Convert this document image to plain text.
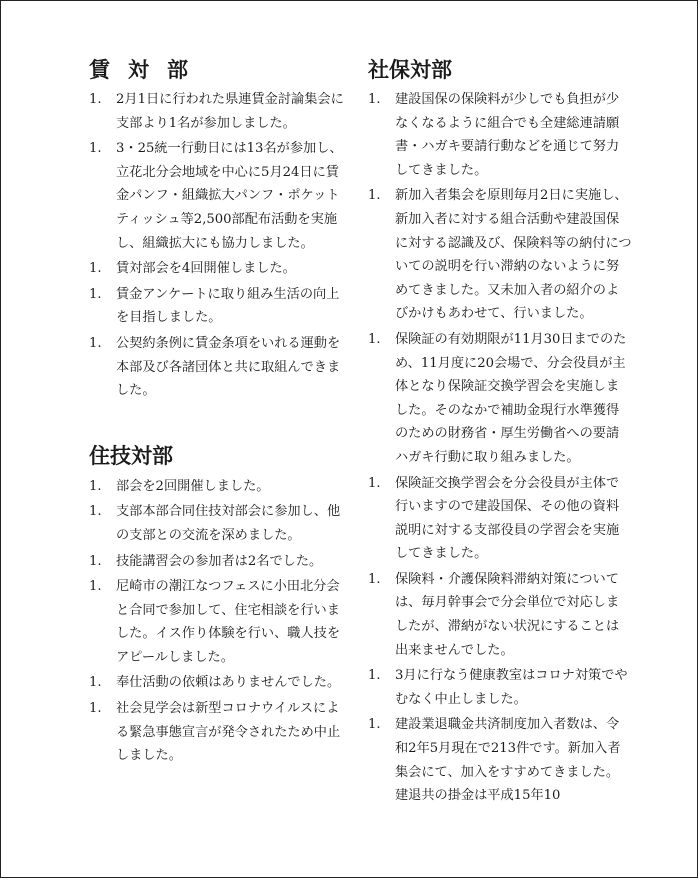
賃対部
1.	2月1日に行われた県連賃金討論集会に支部より1名が参加しました。
1.	3・25統一行動日には13名が参加し、立花北分会地域を中心に5月24日に賃金パンフ・組織拡大パンフ・ポケットティッシュ等2,500部配布活動を実施し、組織拡大にも協力しました。
1.	賃対部会を4回開催しました。
1.	賃金アンケートに取り組み生活の向上を目指しました。
1.	公契約条例に賃金条項をいれる運動を本部及び各諸団体と共に取組んできました。
住技対部
1.	部会を2回開催しました。
1.	支部本部合同住技対部会に参加し、他の支部との交流を深めました。
1.	技能講習会の参加者は2名でした。
1.	尼崎市の潮江なつフェスに小田北分会と合同で参加して、住宅相談を行いました。イス作り体験を行い、職人技をアピールしました。
1.	奉仕活動の依頼はありませんでした。
1.	社会見学会は新型コロナウイルスによる緊急事態宣言が発令されたため中止しました。
社保対部
1.	建設国保の保険料が少しでも負担が少なくなるように組合でも全建総連請願書・ハガキ要請行動などを通じて努力してきました。
1.	新加入者集会を原則毎月2日に実施し、新加入者に対する組合活動や建設国保に対する認識及び、保険料等の納付についての説明を行い滞納のないように努めてきました。又未加入者の紹介のよびかけもあわせて、行いました。
1.	保険証の有効期限が11月30日までのため、11月度に20会場で、分会役員が主体となり保険証交換学習会を実施しました。そのなかで補助金現行水準獲得のための財務省・厚生労働省への要請ハガキ行動に取り組みました。
1.	保険証交換学習会を分会役員が主体で行いますので建設国保、その他の資料説明に対する支部役員の学習会を実施してきました。
1.	保険料・介護保険料滞納対策については、毎月幹事会で分会単位で対応しましたが、滞納がない状況にすることは出来ませんでした。
1.	3月に行なう健康教室はコロナ対策でやむなく中止しました。
1.	建設業退職金共済制度加入者数は、令和2年5月現在で213件です。新加入者集会にて、加入をすすめてきました。建退共の掛金は平成15年10
